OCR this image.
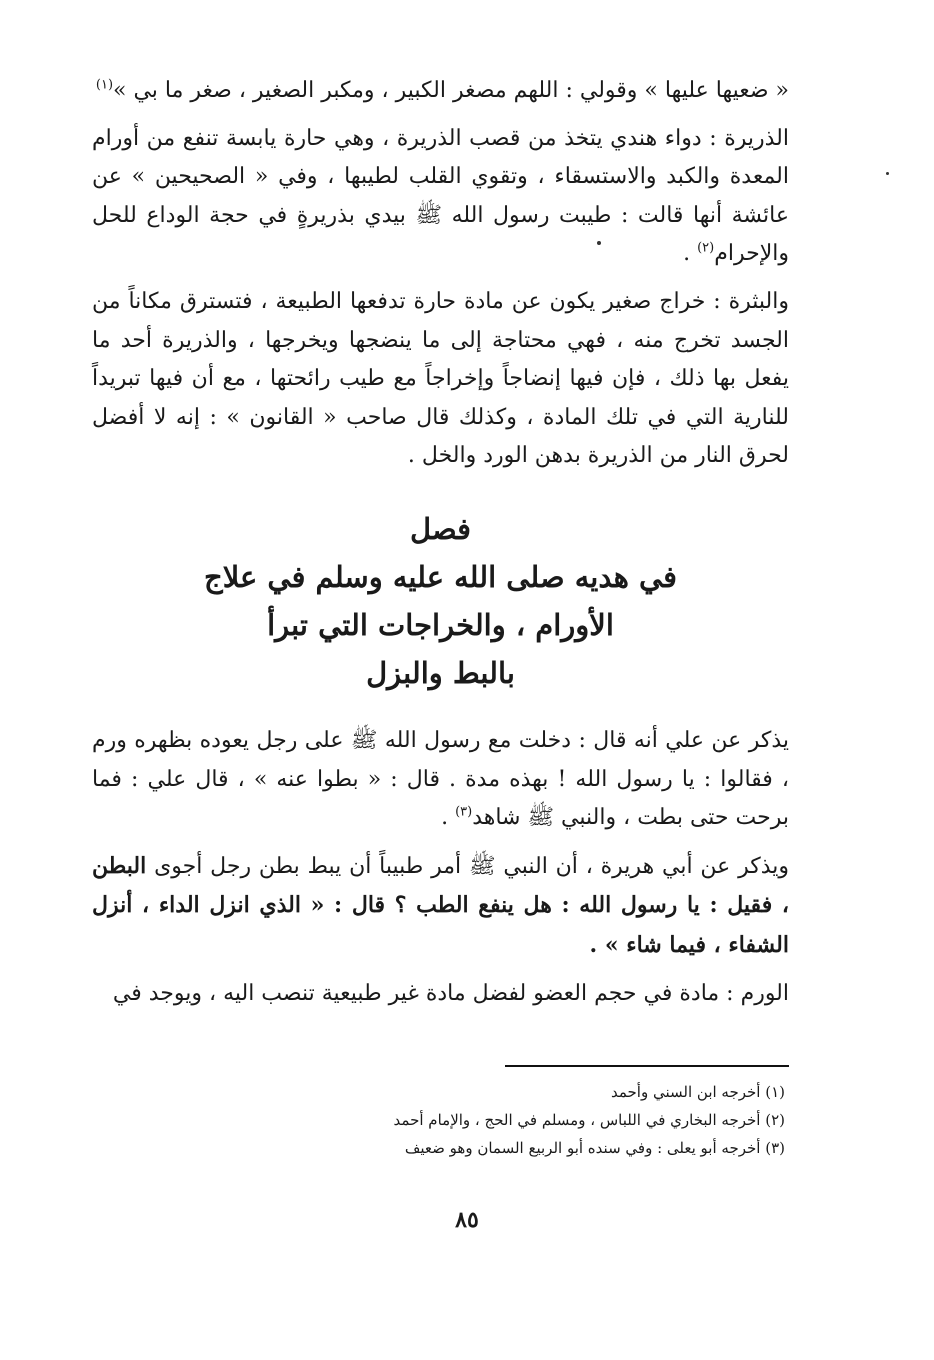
« ضعيها عليها » وقولي : اللهم مصغر الكبير ، ومكبر الصغير ، صغر ما بي »$^{(١)}$

الذريرة : دواء هندي يتخذ من قصب الذريرة ، وهي حارة يابسة تنفع من أورام المعدة والكبد والاستسقاء ، وتقوي القلب لطيبها ، وفي « الصحيحين » عن عائشة أنها قالت : طيبت رسول الله ﷺ بيدي بذريرةٍ في حجة الوداع للحل والإحرام$^{(٢)}$ .

والبثرة : خراج صغير يكون عن مادة حارة تدفعها الطبيعة ، فتسترق مكاناً من الجسد تخرج منه ، فهي محتاجة إلى ما ينضجها ويخرجها ، والذريرة أحد ما يفعل بها ذلك ، فإن فيها إنضاجاً وإخراجاً مع طيب رائحتها ، مع أن فيها تبريداً للنارية التي في تلك المادة ، وكذلك قال صاحب « القانون » : إنه لا أفضل لحرق النار من الذريرة بدهن الورد والخل .

فصل
في هديه صلى الله عليه وسلم في علاج
الأورام ، والخراجات التي تبرأ
بالبط والبزل

يذكر عن علي أنه قال : دخلت مع رسول الله ﷺ على رجل يعوده بظهره ورم ، فقالوا : يا رسول الله ! بهذه مدة . قال : « بطوا عنه » ، قال علي : فما برحت حتى بطت ، والنبي ﷺ شاهد$^{(٣)}$ .

ويذكر عن أبي هريرة ، أن النبي ﷺ أمر طبيباً أن يبط بطن رجل أجوى البطن ، فقيل : يا رسول الله : هل ينفع الطب ؟ قال : « الذي انزل الداء ، أنزل الشفاء ، فيما شاء » .

الورم : مادة في حجم العضو لفضل مادة غير طبيعية تنصب اليه ، ويوجد في

(١) أخرجه ابن السني وأحمد

(٢) أخرجه البخاري في اللباس ، ومسلم في الحج ، والإمام أحمد

(٣) أخرجه أبو يعلى : وفي سنده أبو الربيع السمان وهو ضعيف

٨٥
